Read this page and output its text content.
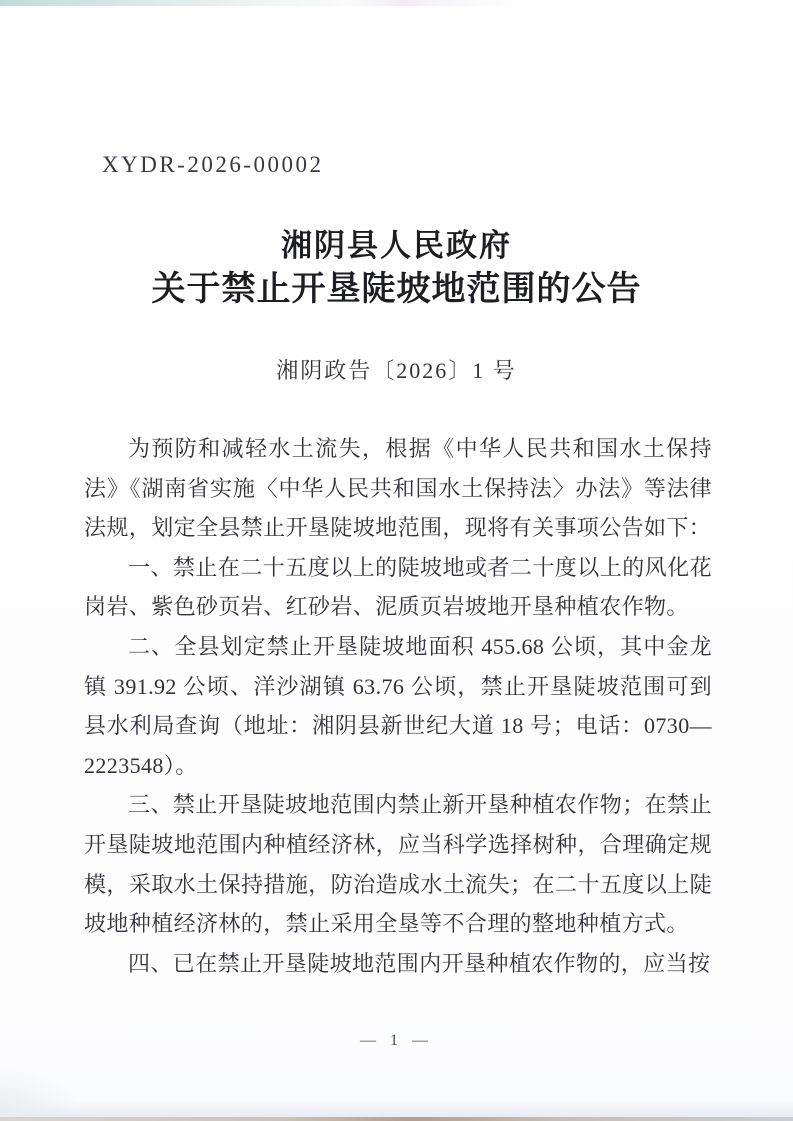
XYDR-2026-00002
湘阴县人民政府
关于禁止开垦陡坡地范围的公告
湘阴政告〔2026〕1 号

为预防和减轻水土流失，根据《中华人民共和国水土保持法》《湖南省实施〈中华人民共和国水土保持法〉办法》等法律法规，划定全县禁止开垦陡坡地范围，现将有关事项公告如下：

一、禁止在二十五度以上的陡坡地或者二十度以上的风化花岗岩、紫色砂页岩、红砂岩、泥质页岩坡地开垦种植农作物。

二、全县划定禁止开垦陡坡地面积 455.68 公顷，其中金龙镇 391.92 公顷、洋沙湖镇 63.76 公顷，禁止开垦陡坡范围可到县水利局查询（地址：湘阴县新世纪大道 18 号；电话：0730—2223548）。

三、禁止开垦陡坡地范围内禁止新开垦种植农作物；在禁止开垦陡坡地范围内种植经济林，应当科学选择树种，合理确定规模，采取水土保持措施，防治造成水土流失；在二十五度以上陡坡地种植经济林的，禁止采用全垦等不合理的整地种植方式。

四、已在禁止开垦陡坡地范围内开垦种植农作物的，应当按

— 1 —
